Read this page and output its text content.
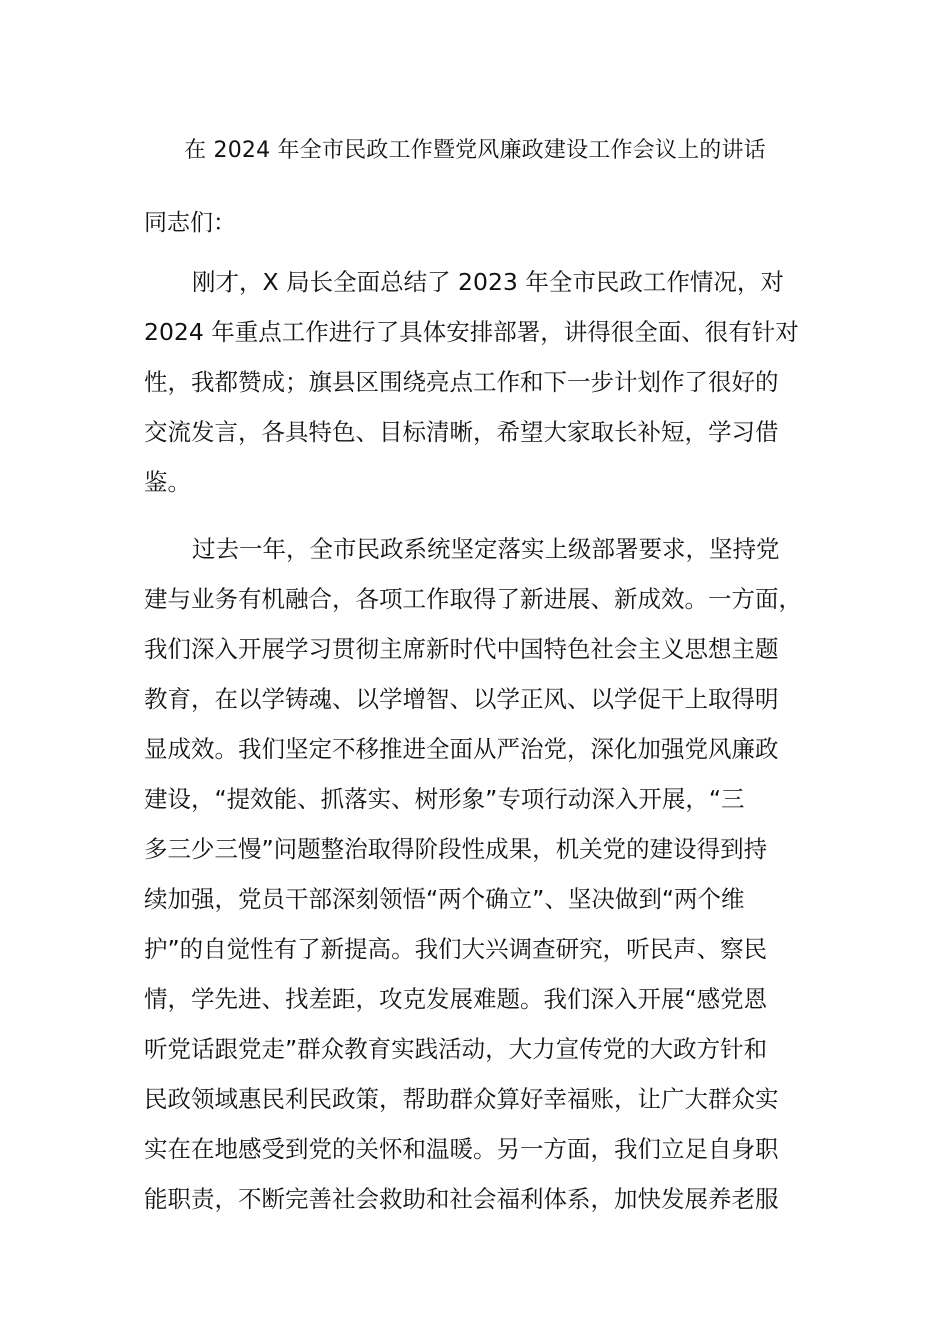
在 2024 年全市民政工作暨党风廉政建设工作会议上的讲话
同志们：
刚才，X 局长全面总结了 2023 年全市民政工作情况，对
2024 年重点工作进行了具体安排部署，讲得很全面、很有针对
性，我都赞成；旗县区围绕亮点工作和下一步计划作了很好的
交流发言，各具特色、目标清晰，希望大家取长补短，学习借
鉴。
过去一年，全市民政系统坚定落实上级部署要求，坚持党
建与业务有机融合，各项工作取得了新进展、新成效。一方面，
我们深入开展学习贯彻主席新时代中国特色社会主义思想主题
教育，在以学铸魂、以学增智、以学正风、以学促干上取得明
显成效。我们坚定不移推进全面从严治党，深化加强党风廉政
建设，“提效能、抓落实、树形象”专项行动深入开展，“三
多三少三慢”问题整治取得阶段性成果，机关党的建设得到持
续加强，党员干部深刻领悟“两个确立”、坚决做到“两个维
护”的自觉性有了新提高。我们大兴调查研究，听民声、察民
情，学先进、找差距，攻克发展难题。我们深入开展“感党恩
听党话跟党走”群众教育实践活动，大力宣传党的大政方针和
民政领域惠民利民政策，帮助群众算好幸福账，让广大群众实
实在在地感受到党的关怀和温暖。另一方面，我们立足自身职
能职责，不断完善社会救助和社会福利体系，加快发展养老服
